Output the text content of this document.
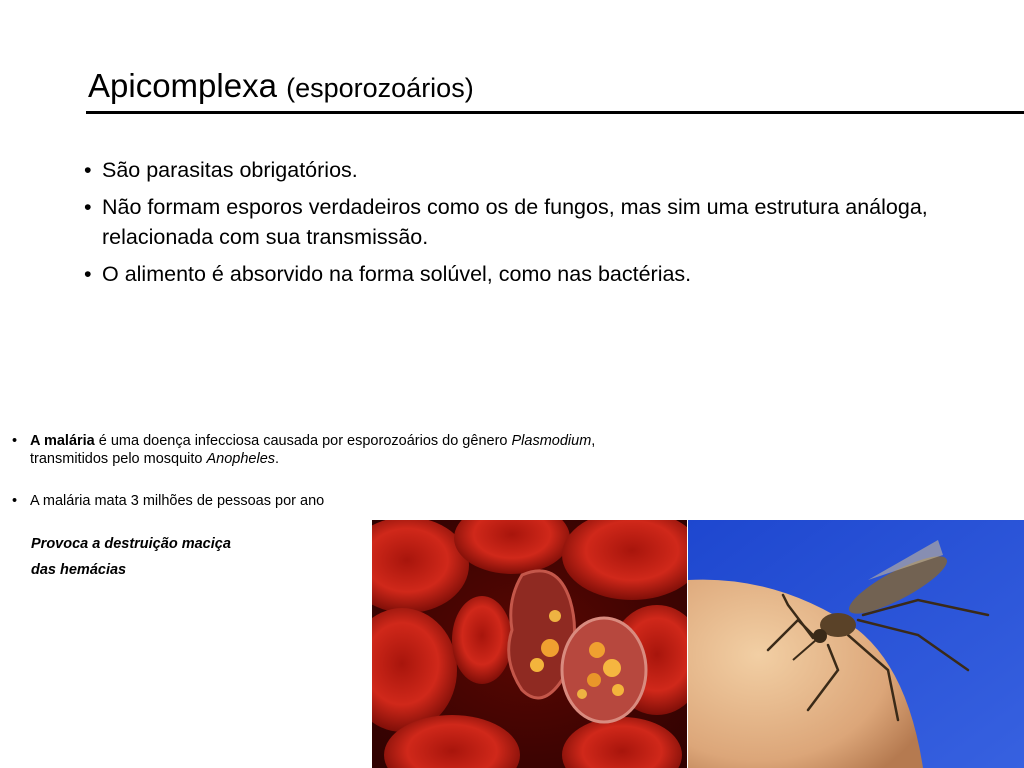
Apicomplexa (esporozoários)
• São parasitas obrigatórios.
• Não formam esporos verdadeiros como os de fungos, mas sim uma estrutura análoga, relacionada com sua transmissão.
• O alimento é absorvido na forma solúvel, como nas bactérias.
• A malária é uma doença infecciosa causada por esporozoários do gênero Plasmodium,
transmitidos pelo mosquito Anopheles.
• A malária mata 3 milhões de pessoas por ano
Provoca a destruição maciça
das hemácias
